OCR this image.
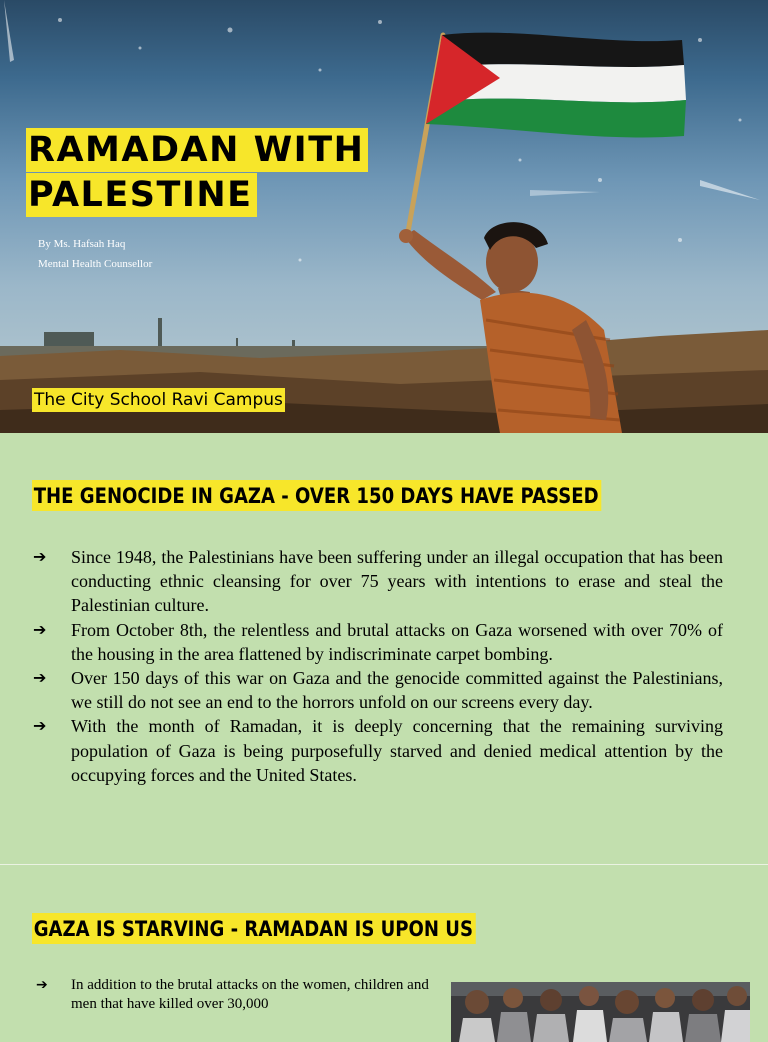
RAMADAN WITH
PALESTINE
By Ms. Hafsah Haq
Mental Health Counsellor
The City School Ravi Campus
THE GENOCIDE IN GAZA - OVER 150 DAYS HAVE PASSED
➔ Since 1948, the Palestinians have been suffering under an illegal occupation that has been conducting ethnic cleansing for over 75 years with intentions to erase and steal the Palestinian culture.
➔ From October 8th, the relentless and brutal attacks on Gaza worsened with over 70% of the housing in the area flattened by indiscriminate carpet bombing.
➔ Over 150 days of this war on Gaza and the genocide committed against the Palestinians, we still do not see an end to the horrors unfold on our screens every day.
➔ With the month of Ramadan, it is deeply concerning that the remaining surviving population of Gaza is being purposefully starved and denied medical attention by the occupying forces and the United States.
GAZA IS STARVING - RAMADAN IS UPON US
➔ In addition to the brutal attacks on the women, children and men that have killed over 30,000
